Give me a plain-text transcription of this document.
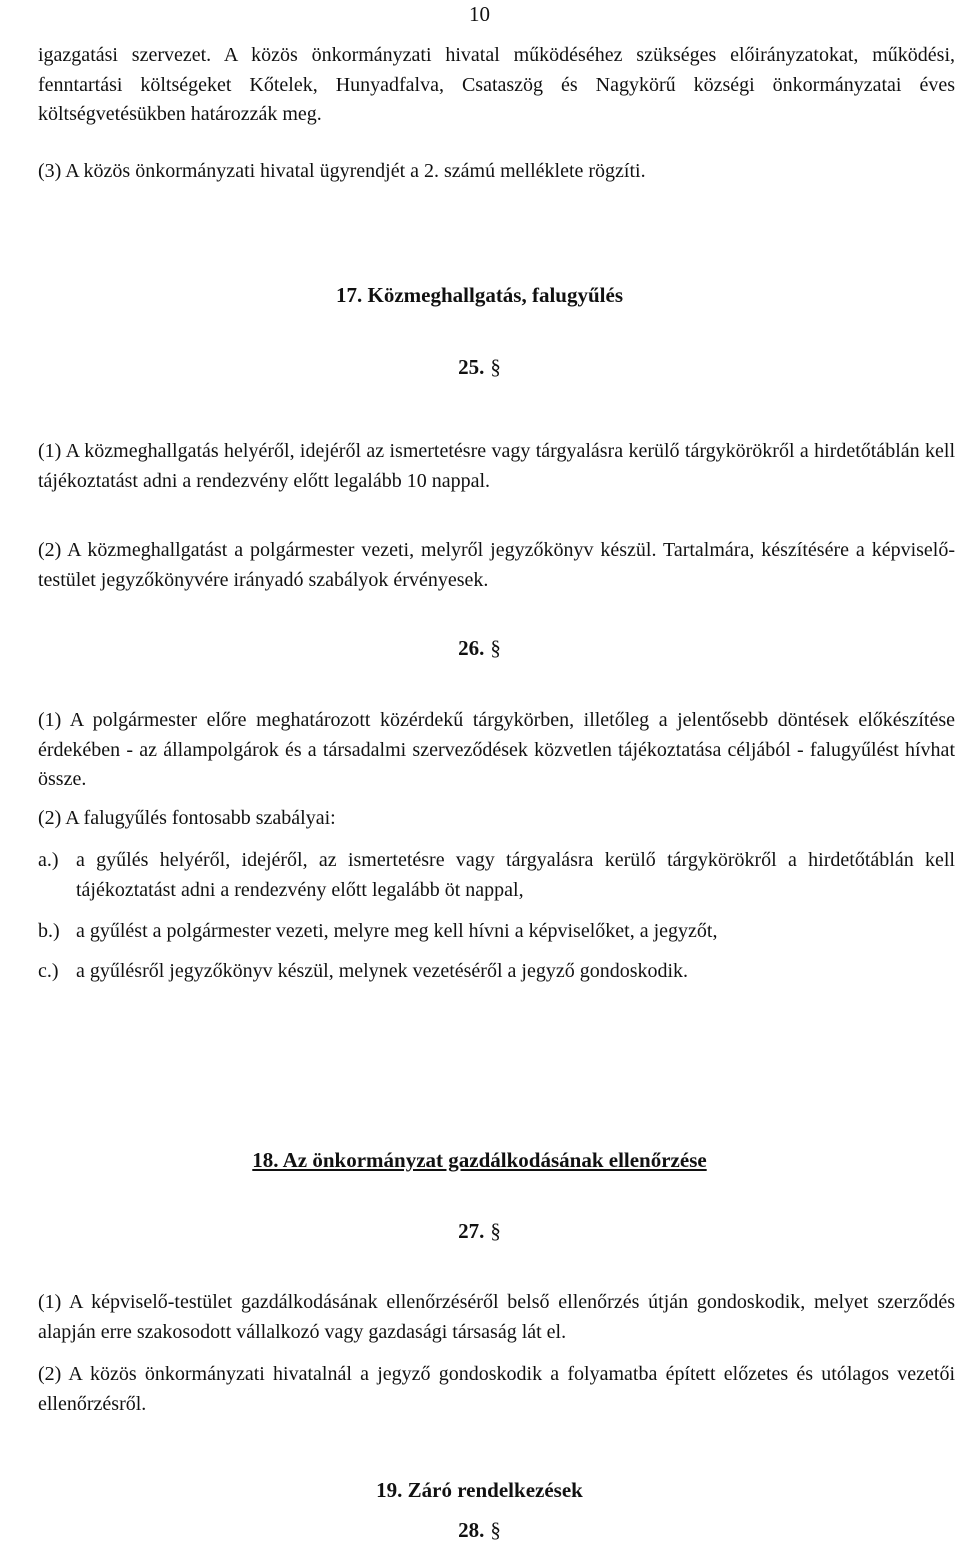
10

igazgatási szervezet. A közös önkormányzati hivatal működéséhez szükséges előirányzatokat, működési, fenntartási költségeket Kőtelek, Hunyadfalva, Csataszög és Nagykörű községi önkormányzatai éves költségvetésükben határozzák meg.

(3) A közös önkormányzati hivatal ügyrendjét a 2. számú melléklete rögzíti.

17. Közmeghallgatás, falugyűlés
25. §

(1) A közmeghallgatás helyéről, idejéről az ismertetésre vagy tárgyalásra kerülő tárgykörökről a hirdetőtáblán kell tájékoztatást adni a rendezvény előtt legalább 10 nappal.

(2) A közmeghallgatást a polgármester vezeti, melyről jegyzőkönyv készül. Tartalmára, készítésére a képviselő-testület jegyzőkönyvére irányadó szabályok érvényesek.

26. §

(1) A polgármester előre meghatározott közérdekű tárgykörben, illetőleg a jelentősebb döntések előkészítése érdekében - az állampolgárok és a társadalmi szerveződések közvetlen tájékoztatása céljából - falugyűlést hívhat össze.

(2) A falugyűlés fontosabb szabályai:

a.) a gyűlés helyéről, idejéről, az ismertetésre vagy tárgyalásra kerülő tárgykörökről a hirdetőtáblán kell tájékoztatást adni a rendezvény előtt legalább öt nappal,
b.) a gyűlést a polgármester vezeti, melyre meg kell hívni a képviselőket, a jegyzőt,
c.) a gyűlésről jegyzőkönyv készül, melynek vezetéséről a jegyző gondoskodik.
18. Az önkormányzat gazdálkodásának ellenőrzése
27. §

(1) A képviselő-testület gazdálkodásának ellenőrzéséről belső ellenőrzés útján gondoskodik, melyet szerződés alapján erre szakosodott vállalkozó vagy gazdasági társaság lát el.

(2) A közös önkormányzati hivatalnál a jegyző gondoskodik a folyamatba épített előzetes és utólagos vezetői ellenőrzésről.

19. Záró rendelkezések
28. §
